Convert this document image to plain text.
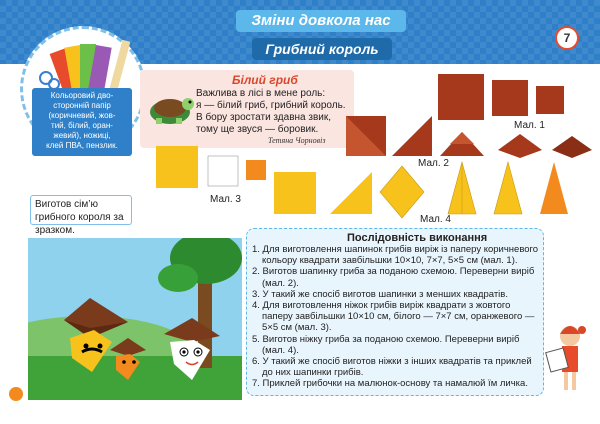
Зміни довкола нас
Грибний король
7
Кольоровий дво-
сторонній папір
(коричневий, жов-
тий, білий, оран-
жевий), ножиці,
клей ПВА, пензлик.
Білий гриб
Важлива в лісі в мене роль:
я — білий гриб, грибний король.
В бору зростати здавна звик,
тому ще звуся — боровик.
Тетяна Чорновіз
Мал. 1
Мал. 2
Мал. 3
Мал. 4
Виготов сім’ю грибного короля за зразком.
Послідовність виконання
1. Для виготовлення шапинок грибів виріж із паперу коричневого кольору квадрати завбільшки 10×10, 7×7, 5×5 см (мал. 1).
2. Виготов шапинку гриба за поданою схемою. Переверни виріб (мал. 2).
3. У такий же спосіб виготов шапинки з менших квадратів.
4. Для виготовлення ніжок грибів виріж квадрати з жовтого паперу завбільшки 10×10 см, білого — 7×7 см, оранжевого — 5×5 см (мал. 3).
5. Виготов ніжку гриба за поданою схемою. Переверни виріб (мал. 4).
6. У такий же спосіб виготов ніжки з інших квадратів та приклей до них шапинки грибів.
7. Приклей грибочки на малюнок-основу та намалюй їм личка.
